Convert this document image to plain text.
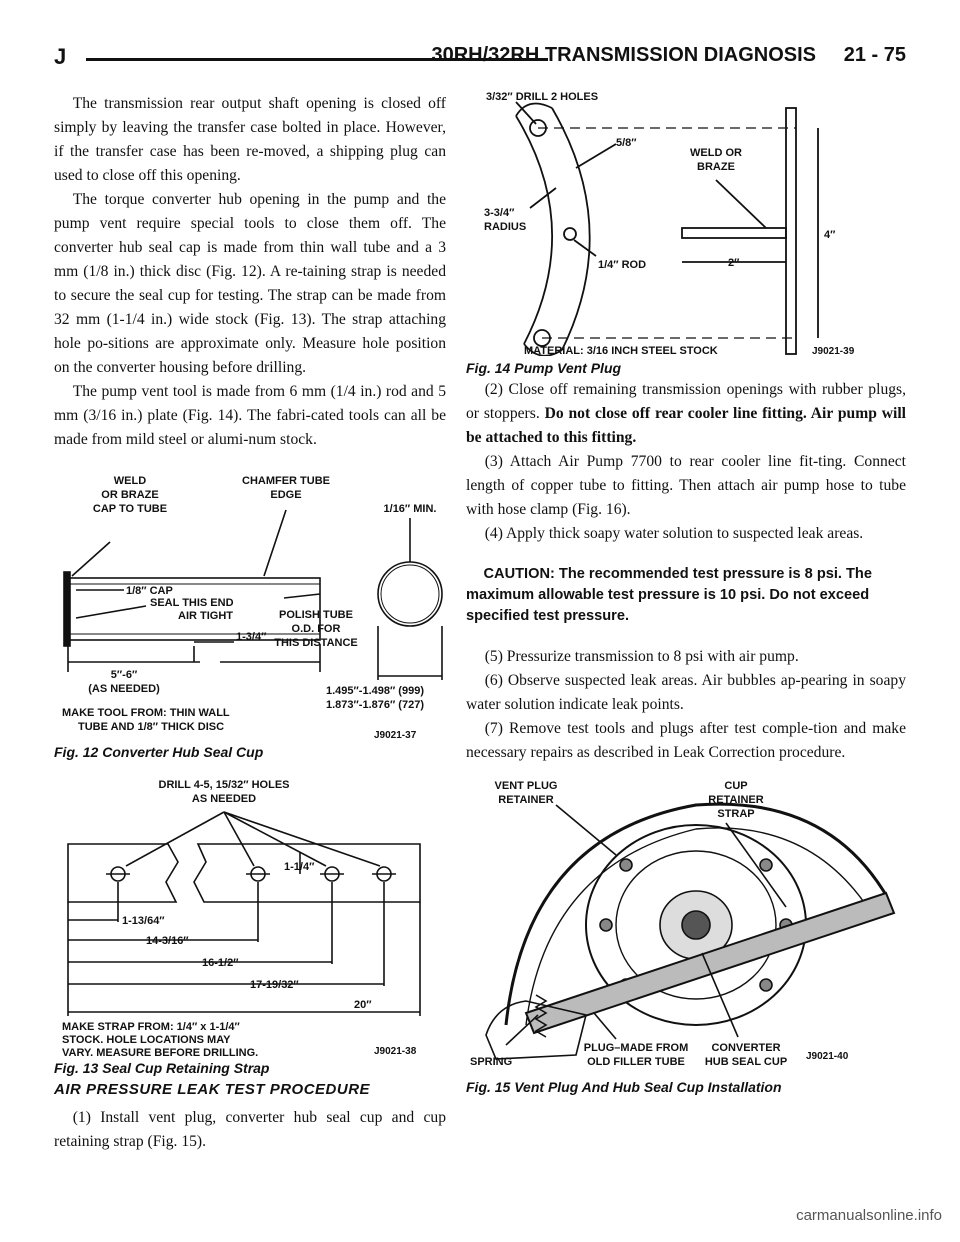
J	30RH/32RH TRANSMISSION DIAGNOSIS 21 - 75

The transmission rear output shaft opening is closed off simply by leaving the transfer case bolted in place. However, if the transfer case has been re-moved, a shipping plug can used to close off this opening.

The torque converter hub opening in the pump and the pump vent require special tools to close them off. The converter hub seal cap is made from thin wall tube and a 3 mm (1/8 in.) thick disc (Fig. 12). A re-taining strap is needed to secure the seal cup for testing. The strap can be made from 32 mm (1-1/4 in.) wide stock (Fig. 13). The strap attaching hole po-sitions are approximate only. Measure hole position on the converter housing before drilling.

The pump vent tool is made from 6 mm (1/4 in.) rod and 5 mm (3/16 in.) plate (Fig. 14). The fabri-cated tools can all be made from mild steel or alumi-num stock.

WELD
OR BRAZE
CAP TO TUBE
CHAMFER TUBE
EDGE
1/16″ MIN.
1/8″ CAP
SEAL THIS END
AIR TIGHT	POLISH TUBE
O.D. FOR
THIS DISTANCE
1-3/4″
5″-6″
(AS NEEDED)	1.495″-1.498″ (999)
1.873″-1.876″ (727)
MAKE TOOL FROM: THIN WALL
TUBE AND 1/8″ THICK DISC
J9021-37
Fig. 12 Converter Hub Seal Cup
DRILL 4-5, 15/32″ HOLES
AS NEEDED
1-1/4″
1-13/64″
14-3/16″
16-1/2″
17-19/32″
20″
MAKE STRAP FROM: 1/4″ x 1-1/4″
STOCK. HOLE LOCATIONS MAY
VARY. MEASURE BEFORE DRILLING.	J9021-38
Fig. 13 Seal Cup Retaining Strap
AIR PRESSURE LEAK TEST PROCEDURE

(1) Install vent plug, converter hub seal cup and cup retaining strap (Fig. 15).

3/32″ DRILL 2 HOLES
5/8″
WELD OR
BRAZE
3-3/4″
RADIUS
1/4″ ROD	2″
4″
MATERIAL: 3/16 INCH STEEL STOCK	J9021-39
Fig. 14 Pump Vent Plug

(2) Close off remaining transmission openings with rubber plugs, or stoppers. Do not close off rear cooler line fitting. Air pump will be attached to this fitting.

(3) Attach Air Pump 7700 to rear cooler line fit-ting. Connect length of copper tube to fitting. Then attach air pump hose to tube with hose clamp (Fig. 16).

(4) Apply thick soapy water solution to suspected leak areas.

CAUTION: The recommended test pressure is 8 psi. The maximum allowable test pressure is 10 psi. Do not exceed specified test pressure.

(5) Pressurize transmission to 8 psi with air pump.

(6) Observe suspected leak areas. Air bubbles ap-pearing in soapy water solution indicate leak points.

(7) Remove test tools and plugs after test comple-tion and make necessary repairs as described in Leak Correction procedure.

VENT PLUG
RETAINER
CUP
RETAINER
STRAP
SPRING
PLUG–MADE FROM
OLD FILLER TUBE
CONVERTER
HUB SEAL CUP J9021-40
Fig. 15 Vent Plug And Hub Seal Cup Installation
carmanualsonline.info
